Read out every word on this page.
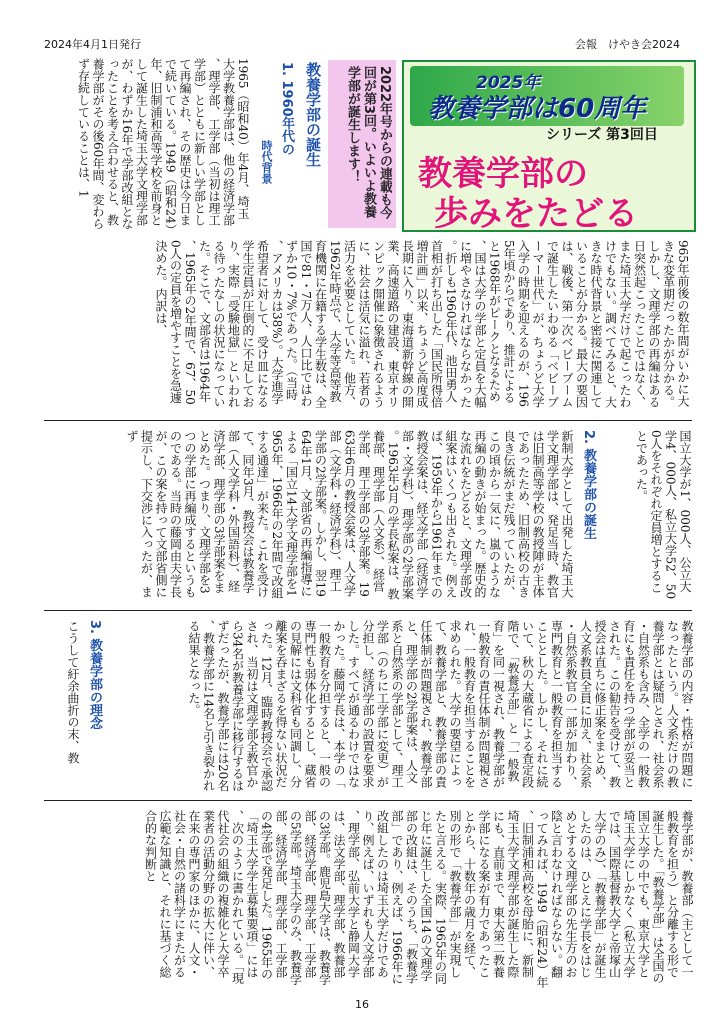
2024年4月1日発行	会報　けやき会2024
2025年
教養学部は60周年
シリーズ 第3回目
教養学部の
歩みをたどる
2022年号からの連載も今回が第3回。いよいよ教養学部が誕生します！
教養学部の誕生
1. 1960年代の
時代背景
1965（昭和40）年4月、埼玉大学教養学部は、他の経済学部、理学部、工学部（当初は理工学部）とともに新しい学部として再編され、その歴史は今日まで続いている。1949（昭和24）年、旧制浦和高等学校を前身として誕生した埼玉大学文理学部が、わずか16年で学部改組となったことを考え合わせると、教養学部がその後60年間、変わらず存続していることは、1
965年前後の数年間がいかに大きな変革期だったかが分かる。しかし、文理学部の再編はある日突然起こったことではなく、また埼玉大学だけで起こったわけでもない。調べてみると、大きな時代背景と密接に関連していることが分かる。最大の要因は、戦後、第一次ベビーブームで誕生したいわゆる「ベビーブーマー世代」が、ちょうど大学入学の時期を迎えるのが、1965年頃からであり、推計によると1968年がピークとなるため、国は大学の学部と定員を大幅に増やさなければならなかった。折しも1960年代、池田勇人首相が打ち出した「国民所得倍増計画」以来、ちょうど高度成長期に入り、東海道新幹線の開業、高速道路の建設、東京オリンピック開催に象徴されるように、社会は活気に溢れ、若者の活力を必要としていた。他方、1962年時点で、大学等高等教育機関に在籍する学生数は、全国で81・7万人、人口比ではわずか10・7%であった。（当時、アメリカは38%）。大学進学希望者に対して、受け皿になる学生定員が圧倒的に不足しており、実際「受験地獄」といわれる待ったなしの状況になっていた。そこで、文部省は1964年、1965年の2年間で、67、500人の定員を増やすことを急遽決めた。内訳は、
国立大学が1、000人、公立大学4、000人、私立大学52、500人をそれぞれ定員増とすることであった。
2. 教養学部の誕生
新制大学として出発した埼玉大学文理学部は、発足当時、教官は旧制高等学校の教授陣が主体であったため、旧制高校の古き良き伝統がまだ残っていたが、この頃から一気に、嵐のような再編の動きが始まった。歴史的な流れをたどると、文理学部改組案はいくつも出された。例えば、1959年から1961年までの教授会案は、経文学部（経済学部・文学科）、理学部の2学部案。1963年3月の学長私案は、教養部、理学部（人文系）、経営学部、理工学部の3学部案。1963年6月の教授会案は、人文学部（文学科・経済学科）、理工学部の2学部案。しかし、翌1964年1月、文部省の再編指導による「国立14大学文理学部を1965年、1966年の2年間で改組する通達」が来た。これを受けて、同年3月、教授会は教養学部（人文学科・外国語科）、経済学部、理学部の3学部案をまとめた。つまり、文理学部を3つの学部に再編成するというものである。当時の藤岡由夫学長が、この案を持って文部省側に提示し、下交渉に入ったが、まず
教養学部の内容・性格が問題になったという。人文系だけの教養学部とは疑問とされ、社会系・自然系も含み、全学の一般教育にも責任を持つ学部が妥当とされた。この勧告を受けて、教授会は直ちに修正案をまとめ、人文系教員全員に加え、社会系・自然系教官の一部が加わり、専門教育と一般教育を担当することとした。しかし、それに続いて、秋の大蔵省による査定段階で、「教養学部」と「一般教育」を同一視され、教養学部が一般教育の責任体制が問題視され、一般教育を担当することを求められた。大学の要望によって、教養学部と、教養学部の責任体制が問題視され、教養学部と、理学部の2学部案は、人文系と自然系の学部として、理工学部（のちに工学部に変更）が分担し、経済学部の設置を要求した。すべてが通るわけではなかった。藤岡学長は、本学の「一般教育を分担すると、一般の専門性も弱体化するとし、蔵省の見解には文科省も同調し、分離案を呑まざるを得ない状況だった。12月、臨時教授会で承認され、当初は文理学部全教官から34名が教養学部に移行するはずだったが、教養学部には20名、教養学部に14名と引き裂かれる結果となった。
3. 教養学部の理念
こうして紆余曲折の末、教
養学部が、教養部（主として一般教育を担う）と分離する形で誕生した。「教養学部」は全国の国立大学の中でも、東京大学と埼玉大学にしかなく（私立大学では、国際基督教大学と帝塚山大学のみ）、「教養学部」が誕生したのは、ひとえに学長をはじめとする文理学部の先生方のお陰と言わなければならない。翻ってみれば、1949（昭和24）年、旧制浦和高校を母胎に、新制埼玉大学文理学部が誕生した際にも、直前まで、東大第二教養学部になる案が有力であったことから、十数年の歳月を経て、別の形で「教養学部」が実現したと言える。実際、1965年の同じ年に誕生した全国14の文理学部の改組は、そのうち、「教養学部」であり、例えば、1966年に改組したのは埼玉大学だけであり、例えば、いずれも人文学部、理学部、弘前大学と静岡大学は、法文学部、理学部、教養部の3学部。鹿児島大学は、教養学部、経済学部、理学部、工学部の5学部。埼玉大学のみ、教養学部、経済学部、理学部、工学部の4学部で発足した。1965年の「埼玉大学学生募集要項」には、次のように書かれている。「現代社会の組織の複雑化と大学卒業者の活動分野の拡大に伴い、在来の専門家のほかに、人文・社会・自然の諸科学にまたがる広範な知識と、それに基づく総合的な判断と
16
